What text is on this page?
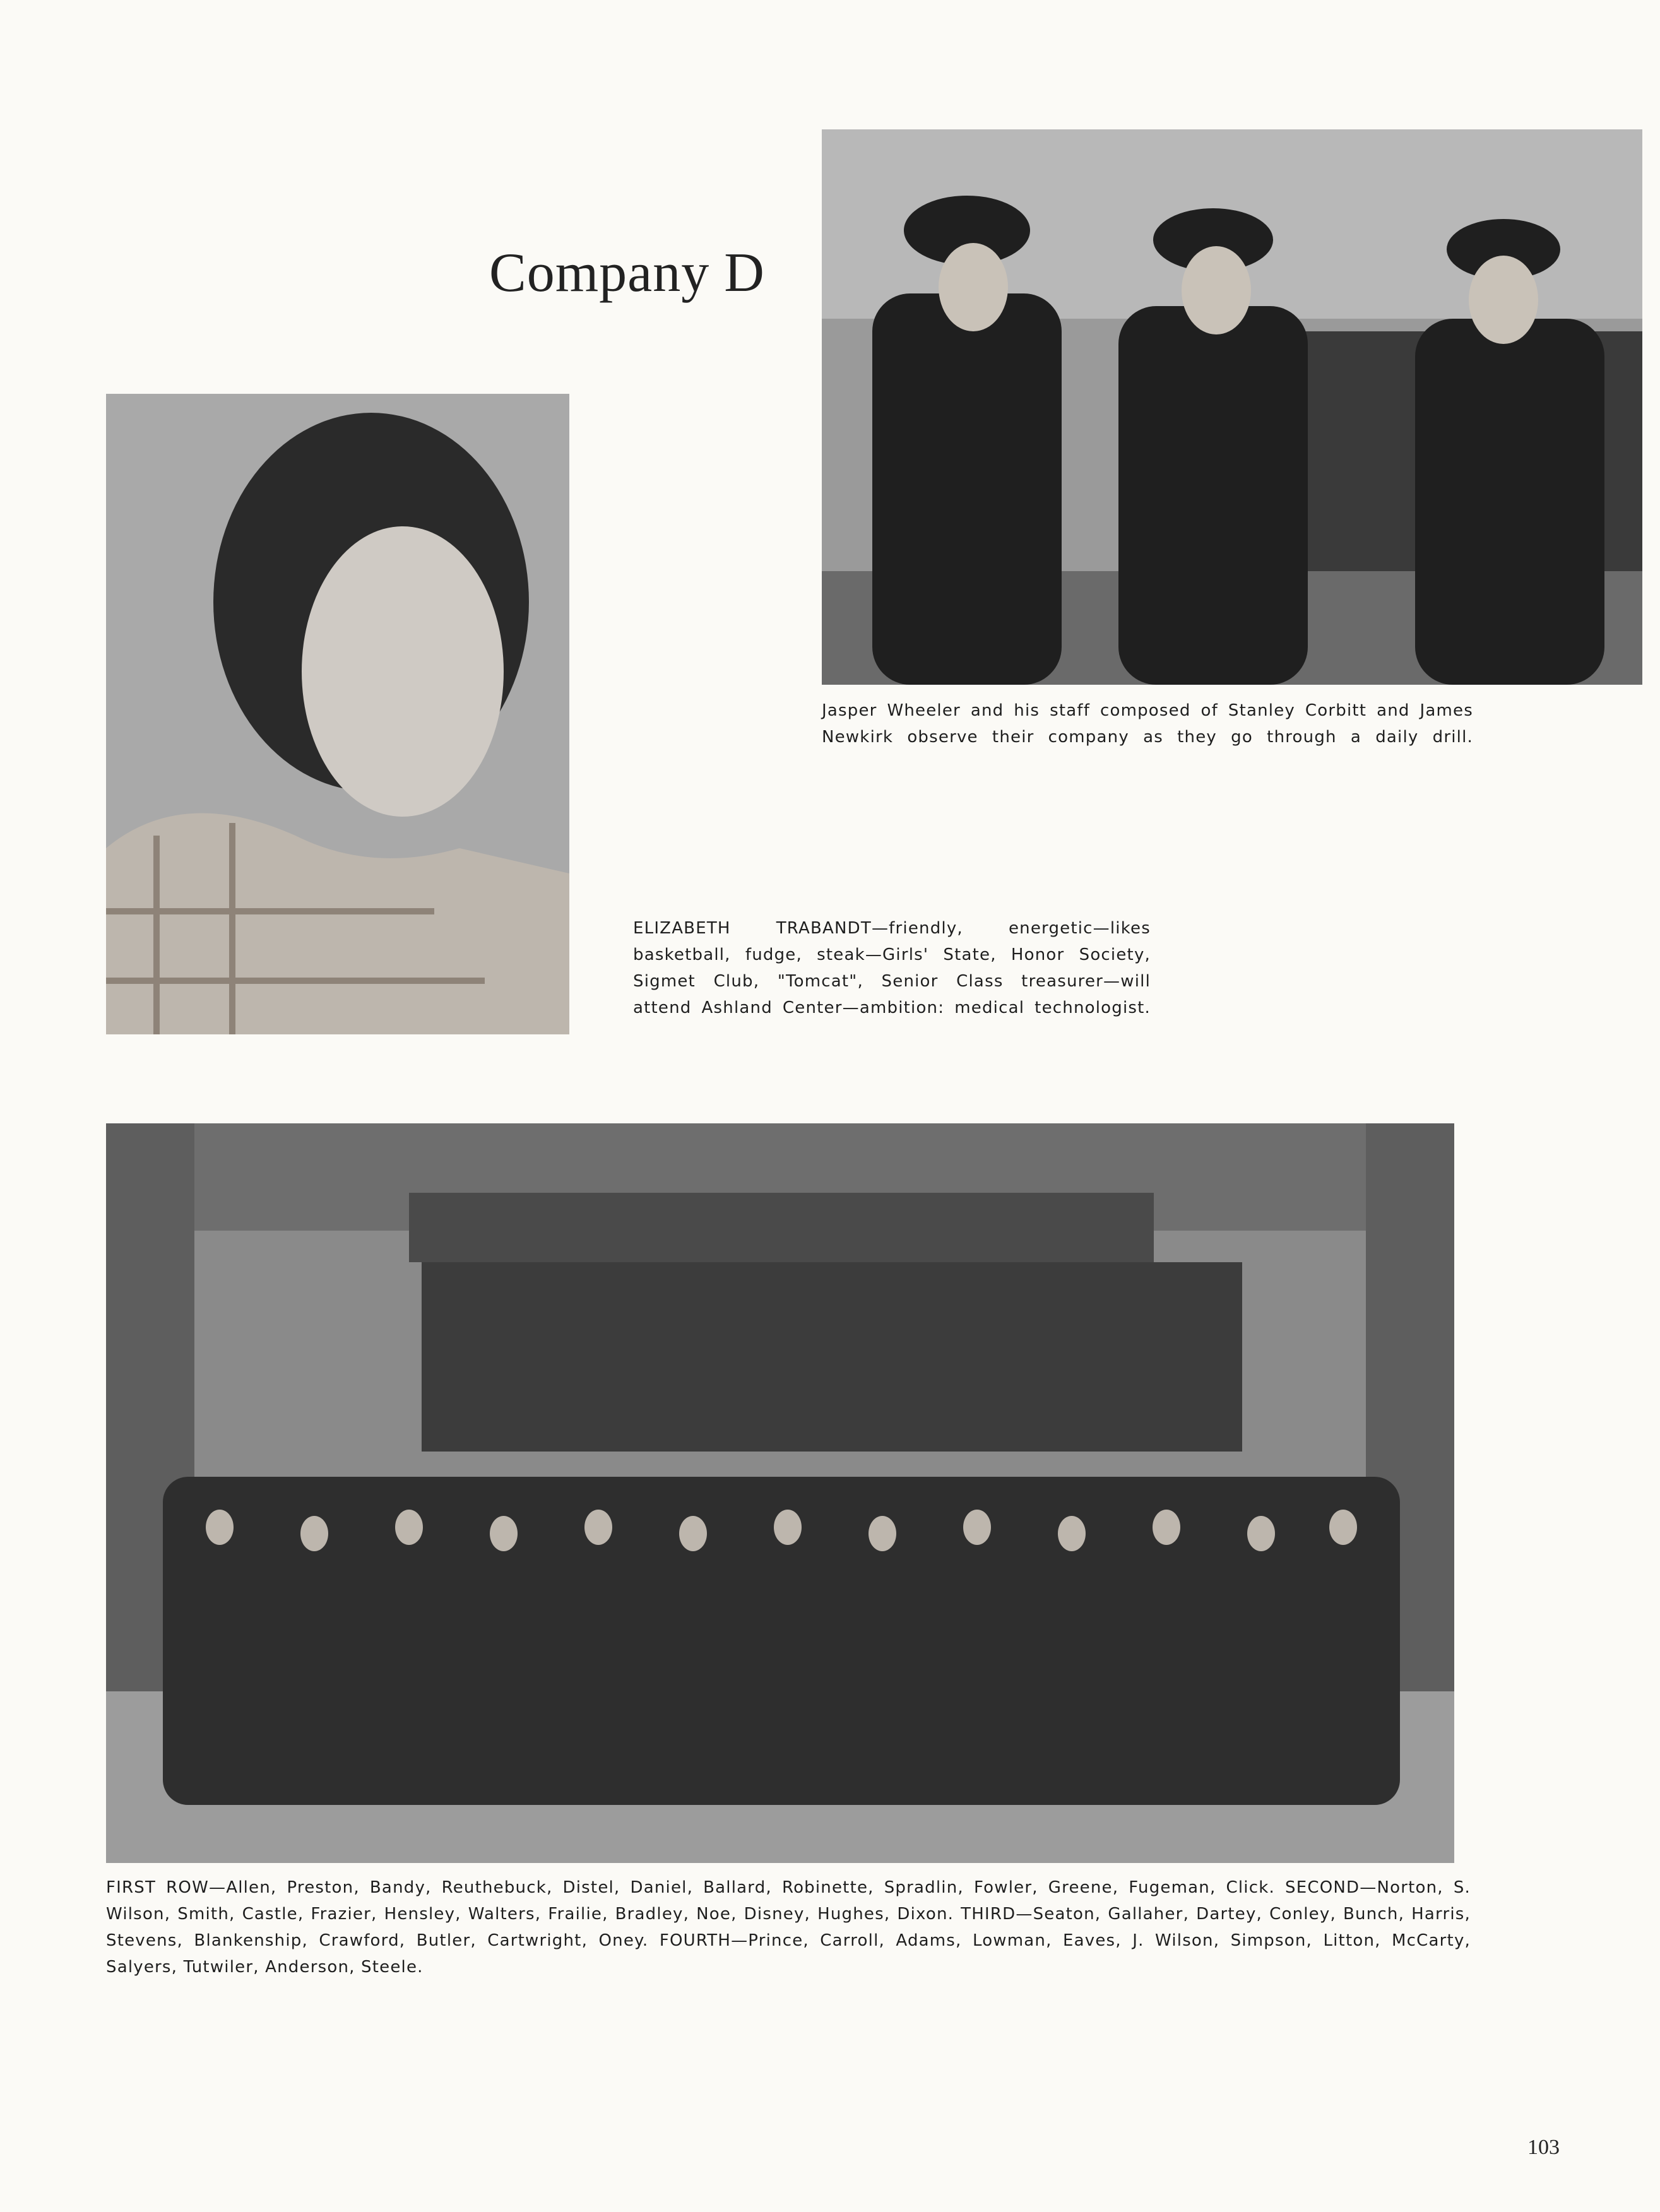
Company D
Jasper Wheeler and his staff composed of Stanley Corbitt and James Newkirk observe their company as they go through a daily drill.
ELIZABETH TRABANDT—friendly, energetic—likes basketball, fudge, steak—Girls' State, Honor Society, Sigmet Club, "Tomcat", Senior Class treasurer—will attend Ashland Center—ambition: medical technologist.
FIRST ROW—Allen, Preston, Bandy, Reuthebuck, Distel, Daniel, Ballard, Robinette, Spradlin, Fowler, Greene, Fugeman, Click. SECOND—Norton, S. Wilson, Smith, Castle, Frazier, Hensley, Walters, Frailie, Bradley, Noe, Disney, Hughes, Dixon. THIRD—Seaton, Gallaher, Dartey, Conley, Bunch, Harris, Stevens, Blankenship, Crawford, Butler, Cartwright, Oney. FOURTH—Prince, Carroll, Adams, Lowman, Eaves, J. Wilson, Simpson, Litton, McCarty, Salyers, Tutwiler, Anderson, Steele.
103
